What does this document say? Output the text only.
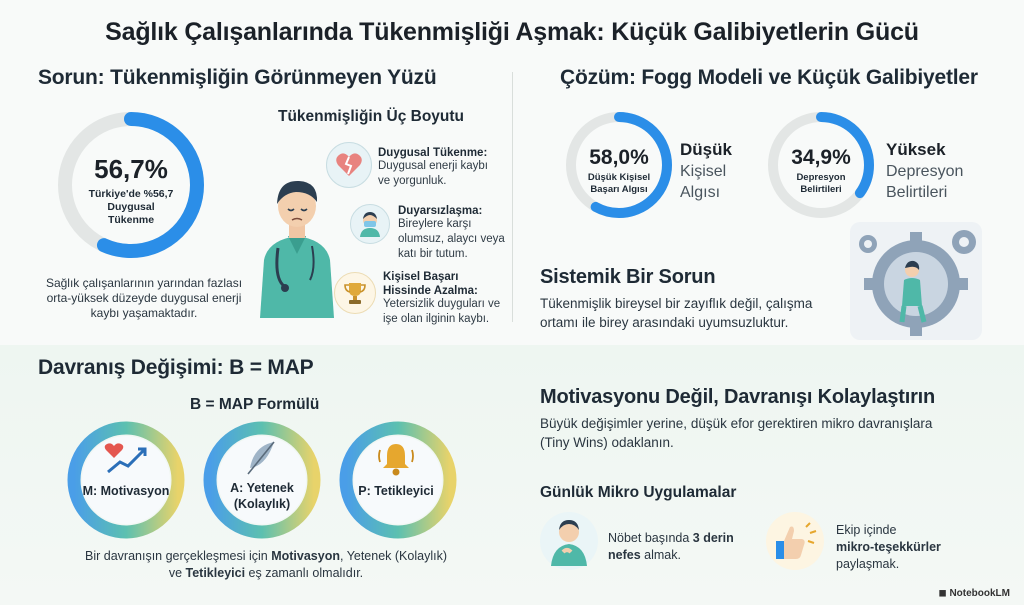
Sağlık Çalışanlarında Tükenmişliği Aşmak: Küçük Galibiyetlerin Gücü
Sorun: Tükenmişliğin Görünmeyen Yüzü
56,7%
Türkiye'de %56,7 Duygusal Tükenme
Sağlık çalışanlarının yarından fazlası orta-yüksek düzeyde duygusal enerji kaybı yaşamaktadır.
Tükenmişliğin Üç Boyutu
Duygusal Tükenme:
Duygusal enerji kaybı ve yorgunluk.
Duyarsızlaşma:
Bireylere karşı olumsuz, alaycı veya katı bir tutum.
Kişisel Başarı Hissinde Azalma:
Yetersizlik duyguları ve işe olan ilginin kaybı.
Çözüm: Fogg Modeli ve Küçük Galibiyetler
58,0%
Düşük Kişisel Başarı Algısı
Düşük
Kişisel Algısı
34,9%
Depresyon Belirtileri
Yüksek
Depresyon Belirtileri
Sistemik Bir Sorun
Tükenmişlik bireysel bir zayıflık değil, çalışma ortamı ile birey arasındaki uyumsuzluktur.
Davranış Değişimi: B = MAP
B = MAP Formülü
M: Motivasyon	A: Yetenek (Kolaylık)
P: Tetikleyici
Bir davranışın gerçekleşmesi için Motivasyon, Yetenek (Kolaylık)
ve Tetikleyici eş zamanlı olmalıdır.
Motivasyonu Değil, Davranışı Kolaylaştırın
Büyük değişimler yerine, düşük efor gerektiren mikro davranışlara (Tiny Wins) odaklanın.
Günlük Mikro Uygulamalar
Nöbet başında 3 derin nefes almak.
Ekip içinde
mikro-teşekkürler
paylaşmak.
◼ NotebookLM
